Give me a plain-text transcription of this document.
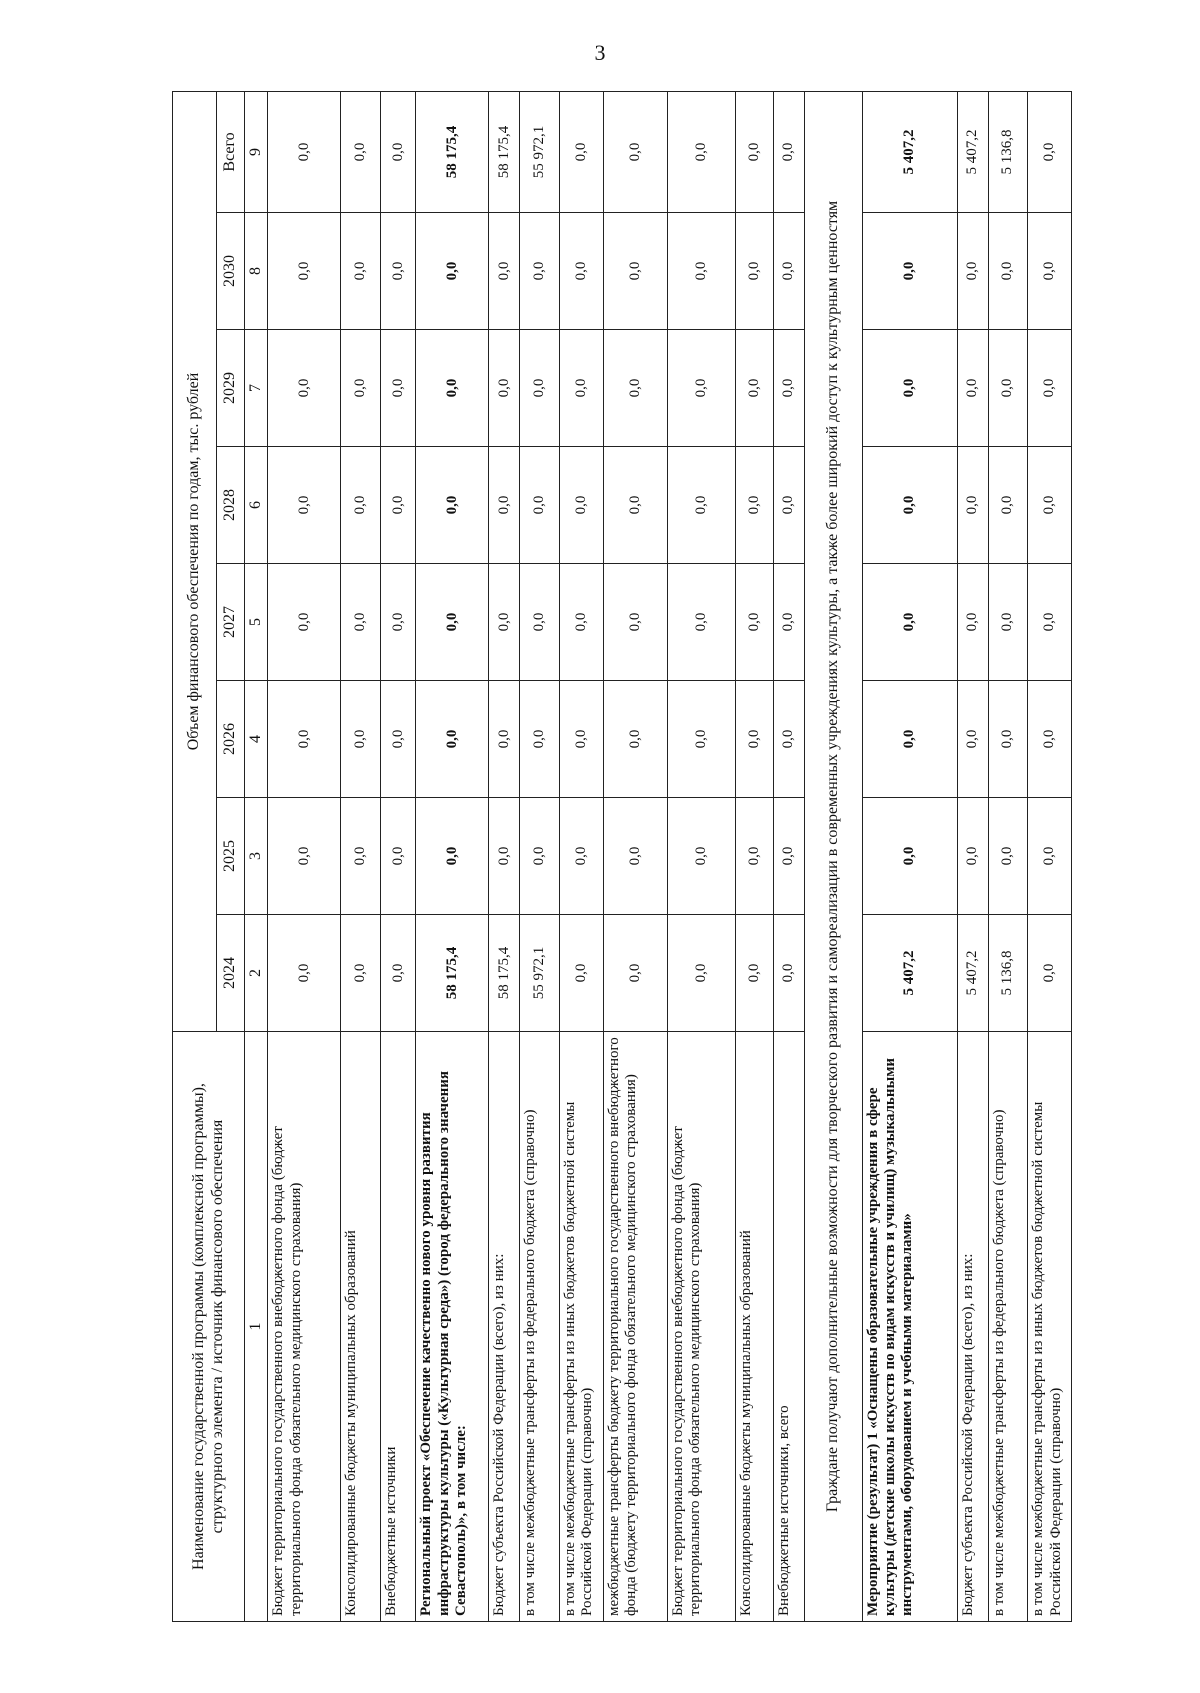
3
Наименование государственной программы (комплексной программы), структурного элемента / источник финансового обеспечения	Объем финансового обеспечения по годам, тыс. рублей							
	2024	2025	2026	2027	2028	2029	2030	Всего
1	2	3	4	5	6	7	8	9
Бюджет территориального государственного внебюджетного фонда (бюджет территориального фонда обязательного медицинского страхования)	0,0	0,0	0,0	0,0	0,0	0,0	0,0	0,0
Консолидированные бюджеты муниципальных образований	0,0	0,0	0,0	0,0	0,0	0,0	0,0	0,0
Внебюджетные источники	0,0	0,0	0,0	0,0	0,0	0,0	0,0	0,0
Региональный проект «Обеспечение качественно нового уровня развития инфраструктуры культуры («Культурная среда») (город федерального значения Севастополь)», в том числе:	58 175,4	0,0	0,0	0,0	0,0	0,0	0,0	58 175,4
Бюджет субъекта Российской Федерации (всего), из них:	58 175,4	0,0	0,0	0,0	0,0	0,0	0,0	58 175,4
в том числе межбюджетные трансферты из федерального бюджета (справочно)	55 972,1	0,0	0,0	0,0	0,0	0,0	0,0	55 972,1
в том числе межбюджетные трансферты из иных бюджетов бюджетной системы Российской Федерации (справочно)	0,0	0,0	0,0	0,0	0,0	0,0	0,0	0,0
межбюджетные трансферты бюджету территориального государственного внебюджетного фонда (бюджету территориального фонда обязательного медицинского страхования)	0,0	0,0	0,0	0,0	0,0	0,0	0,0	0,0
Бюджет территориального государственного внебюджетного фонда (бюджет территориального фонда обязательного медицинского страхования)	0,0	0,0	0,0	0,0	0,0	0,0	0,0	0,0
Консолидированные бюджеты муниципальных образований	0,0	0,0	0,0	0,0	0,0	0,0	0,0	0,0
Внебюджетные источники, всего	0,0	0,0	0,0	0,0	0,0	0,0	0,0	0,0
Граждане получают дополнительные возможности для творческого развития и самореализации в современных учреждениях культуры, а также более широкий доступ к культурным ценностям								
Мероприятие (результат) 1 «Оснащены образовательные учреждения в сфере культуры (детские школы искусств по видам искусств и училищ) музыкальными инструментами, оборудованием и учебными материалами»	5 407,2	0,0	0,0	0,0	0,0	0,0	0,0	5 407,2
Бюджет субъекта Российской Федерации (всего), из них:	5 407,2	0,0	0,0	0,0	0,0	0,0	0,0	5 407,2
в том числе межбюджетные трансферты из федерального бюджета (справочно)	5 136,8	0,0	0,0	0,0	0,0	0,0	0,0	5 136,8
в том числе межбюджетные трансферты из иных бюджетов бюджетной системы Российской Федерации (справочно)	0,0	0,0	0,0	0,0	0,0	0,0	0,0	0,0
